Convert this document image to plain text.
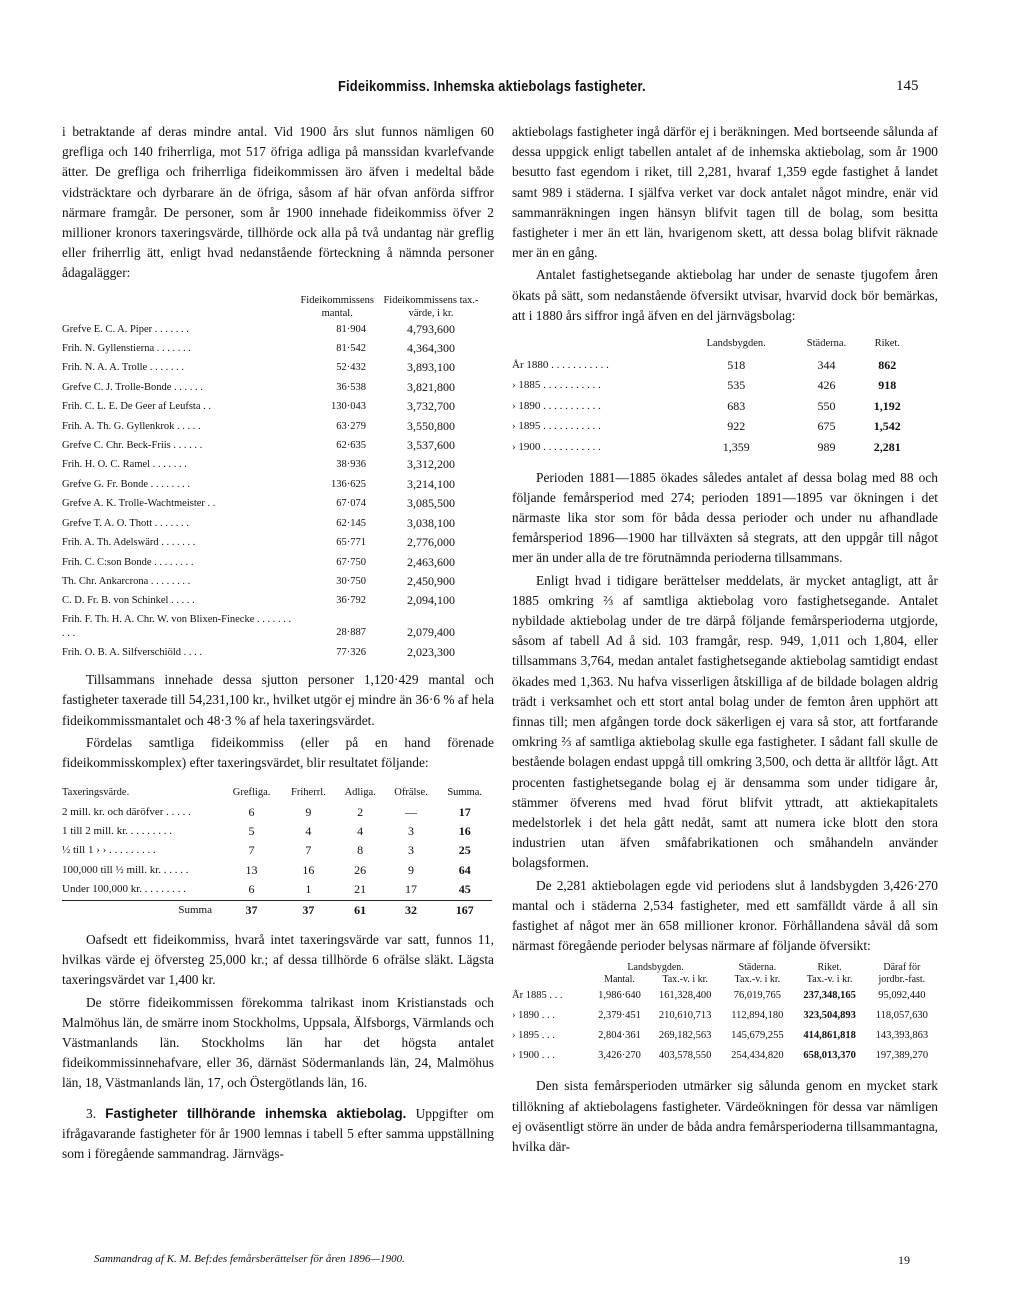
Fideikommiss. Inhemska aktiebolags fastigheter.	145

i betraktande af deras mindre antal. Vid 1900 års slut funnos nämligen 60 grefliga och 140 friherrliga, mot 517 öfriga adliga på manssidan kvarlefvande ätter. De grefliga och friherrliga fideikommissen äro äfven i medeltal både vidsträcktare och dyrbarare än de öfriga, såsom af här ofvan anförda siffror närmare framgår. De personer, som år 1900 innehade fideikommiss öfver 2 millioner kronors taxeringsvärde, tillhörde ock alla på två undantag när greflig eller friherrlig ätt, enligt hvad nedanstående förteckning å nämnda personer ådagalägger:

	Fideikommissens mantal.	Fideikommissens tax.-värde, i kr.
Grefve E. C. A. Piper . . . . . . .	81·904	4,793,600
Frih. N. Gyllenstierna . . . . . . .	81·542	4,364,300
Frih. N. A. A. Trolle . . . . . . .	52·432	3,893,100
Grefve C. J. Trolle-Bonde . . . . . .	36·538	3,821,800
Frih. C. L. E. De Geer af Leufsta . .	130·043	3,732,700
Frih. A. Th. G. Gyllenkrok . . . . .	63·279	3,550,800
Grefve C. Chr. Beck-Friis . . . . . .	62·635	3,537,600
Frih. H. O. C. Ramel . . . . . . .	38·936	3,312,200
Grefve G. Fr. Bonde . . . . . . . .	136·625	3,214,100
Grefve A. K. Trolle-Wachtmeister . .	67·074	3,085,500
Grefve T. A. O. Thott . . . . . . .	62·145	3,038,100
Frih. A. Th. Adelswärd . . . . . . .	65·771	2,776,000
Frih. C. C:son Bonde . . . . . . . .	67·750	2,463,600
Th. Chr. Ankarcrona . . . . . . . .	30·750	2,450,900
C. D. Fr. B. von Schinkel . . . . .	36·792	2,094,100
Frih. F. Th. H. A. Chr. W. von Blixen-Finecke . . . . . . . . . .	28·887	2,079,400
Frih. O. B. A. Silfverschiöld . . . .	77·326	2,023,300

Tillsammans innehade dessa sjutton personer 1,120·429 mantal och fastigheter taxerade till 54,231,100 kr., hvilket utgör ej mindre än 36·6 % af hela fideikommissmantalet och 48·3 % af hela taxeringsvärdet.

Fördelas samtliga fideikommiss (eller på en hand förenade fideikommisskomplex) efter taxeringsvärdet, blir resultatet följande:

Taxeringsvärde.	Grefliga.	Friherrl.	Adliga.	Ofrälse.	Summa.
2 mill. kr. och däröfver . . . . .	6	9	2	—	17
1 till 2 mill. kr. . . . . . . . .	5	4	4	3	16
½ till 1 › › . . . . . . . . .	7	7	8	3	25
100,000 till ½ mill. kr. . . . . .	13	16	26	9	64
Under 100,000 kr. . . . . . . . .	6	1	21	17	45
Summa	37	37	61	32	167

Oafsedt ett fideikommiss, hvarå intet taxeringsvärde var satt, funnos 11, hvilkas värde ej öfversteg 25,000 kr.; af dessa tillhörde 6 ofrälse släkt. Lägsta taxeringsvärdet var 1,400 kr.

De större fideikommissen förekomma talrikast inom Kristianstads och Malmöhus län, de smärre inom Stockholms, Uppsala, Älfsborgs, Värmlands och Västmanlands län. Stockholms län har det högsta antalet fideikommissinnehafvare, eller 36, därnäst Södermanlands län, 24, Malmöhus län, 18, Västmanlands län, 17, och Östergötlands län, 16.

3. Fastigheter tillhörande inhemska aktiebolag. Uppgifter om ifrågavarande fastigheter för år 1900 lemnas i tabell 5 efter samma uppställning som i föregående sammandrag. Järnvägs-

aktiebolags fastigheter ingå därför ej i beräkningen. Med bortseende sålunda af dessa uppgick enligt tabellen antalet af de inhemska aktiebolag, som år 1900 besutto fast egendom i riket, till 2,281, hvaraf 1,359 egde fastighet å landet samt 989 i städerna. I själfva verket var dock antalet något mindre, enär vid sammanräkningen ingen hänsyn blifvit tagen till de bolag, som besitta fastigheter i mer än ett län, hvarigenom skett, att dessa bolag blifvit räknade mer än en gång.

Antalet fastighetsegande aktiebolag har under de senaste tjugofem åren ökats på sätt, som nedanstående öfversikt utvisar, hvarvid dock bör bemärkas, att i 1880 års siffror ingå äfven en del järnvägsbolag:

	Landsbygden.	Städerna.	Riket.
År 1880 . . . . . . . . . . .	518	344	862
› 1885 . . . . . . . . . . .	535	426	918
› 1890 . . . . . . . . . . .	683	550	1,192
› 1895 . . . . . . . . . . .	922	675	1,542
› 1900 . . . . . . . . . . .	1,359	989	2,281

Perioden 1881—1885 ökades således antalet af dessa bolag med 88 och följande femårsperiod med 274; perioden 1891—1895 var ökningen i det närmaste lika stor som för båda dessa perioder och under nu afhandlade femårsperiod 1896—1900 har tillväxten så stegrats, att den uppgår till något mer än under alla de tre förutnämnda perioderna tillsammans.

Enligt hvad i tidigare berättelser meddelats, är mycket antagligt, att år 1885 omkring ⅔ af samtliga aktiebolag voro fastighetsegande. Antalet nybildade aktiebolag under de tre därpå följande femårsperioderna utgjorde, såsom af tabell Ad å sid. 103 framgår, resp. 949, 1,011 och 1,804, eller tillsammans 3,764, medan antalet fastighetsegande aktiebolag samtidigt endast ökades med 1,363. Nu hafva visserligen åtskilliga af de bildade bolagen aldrig trädt i verksamhet och ett stort antal bolag under de femton åren upphört att finnas till; men afgången torde dock säkerligen ej vara så stor, att fortfarande omkring ⅔ af samtliga aktiebolag skulle ega fastigheter. I sådant fall skulle de bestående bolagen endast uppgå till omkring 3,500, och detta är alltför lågt. Att procenten fastighetsegande bolag ej är densamma som under tidigare år, stämmer öfverens med hvad förut blifvit yttradt, att aktiekapitalets medelstorlek i det hela gått nedåt, samt att numera icke blott den stora industrien utan äfven småfabrikationen och småhandeln använder bolagsformen.

De 2,281 aktiebolagen egde vid periodens slut å landsbygden 3,426·270 mantal och i städerna 2,534 fastigheter, med ett samfälldt värde å all sin fastighet af något mer än 658 millioner kronor. Förhållandena såväl då som närmast föregående perioder belysas närmare af följande öfversikt:

	Landsbygden.		Städerna.	Riket.	Däraf för
	Mantal.	Tax.-v. i kr.	Tax.-v. i kr.	Tax.-v. i kr.	jordbr.-fast.
År 1885 . . .	1,986·640	161,328,400	76,019,765	237,348,165	95,092,440
› 1890 . . .	2,379·451	210,610,713	112,894,180	323,504,893	118,057,630
› 1895 . . .	2,804·361	269,182,563	145,679,255	414,861,818	143,393,863
› 1900 . . .	3,426·270	403,578,550	254,434,820	658,013,370	197,389,270

Den sista femårsperioden utmärker sig sålunda genom en mycket stark tillökning af aktiebolagens fastigheter. Värdeökningen för dessa var nämligen ej oväsentligt större än under de båda andra femårsperioderna tillsammantagna, hvilka där-

Sammandrag af K. M. Bef:des femårsberättelser för åren 1896—1900.	19
